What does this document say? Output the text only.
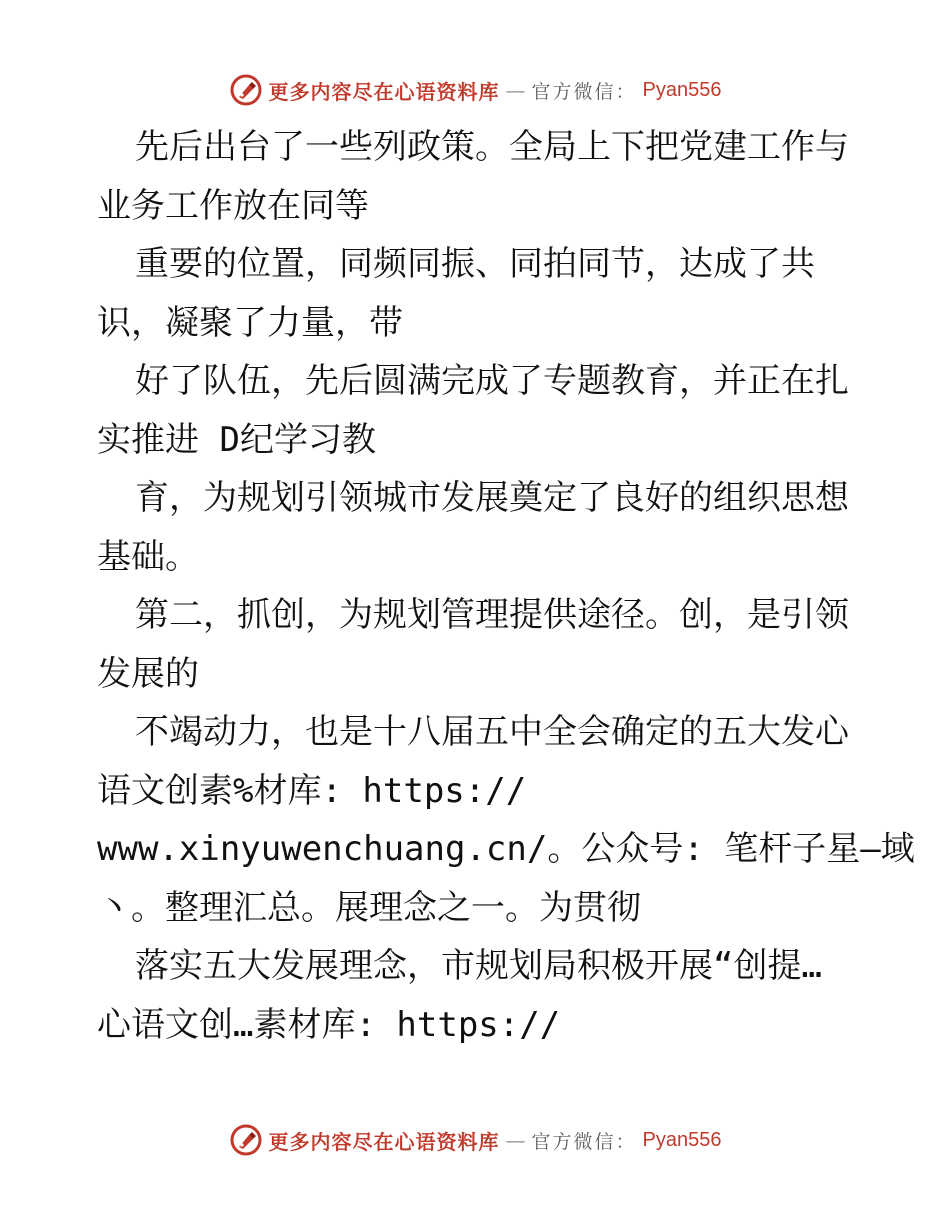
更多内容尽在心语资料库 — 官方微信： Pyan556
先后出台了一些列政策。全局上下把党建工作与
业务工作放在同等
重要的位置，同频同振、同拍同节，达成了共
识，凝聚了力量，带
好了队伍，先后圆满完成了专题教育，并正在扎
实推进 D纪学习教
育，为规划引领城市发展奠定了良好的组织思想
基础。
第二，抓创，为规划管理提供途径。创，是引领
发展的
不竭动力，也是十八届五中全会确定的五大发心
语文创素%材库: https://
www.xinyuwenchuang.cn/。公众号: 笔杆子星—域
丶。整理汇总。展理念之一。为贯彻
落实五大发展理念，市规划局积极开展“创提…
心语文创…素材库: https://
更多内容尽在心语资料库 — 官方微信： Pyan556
